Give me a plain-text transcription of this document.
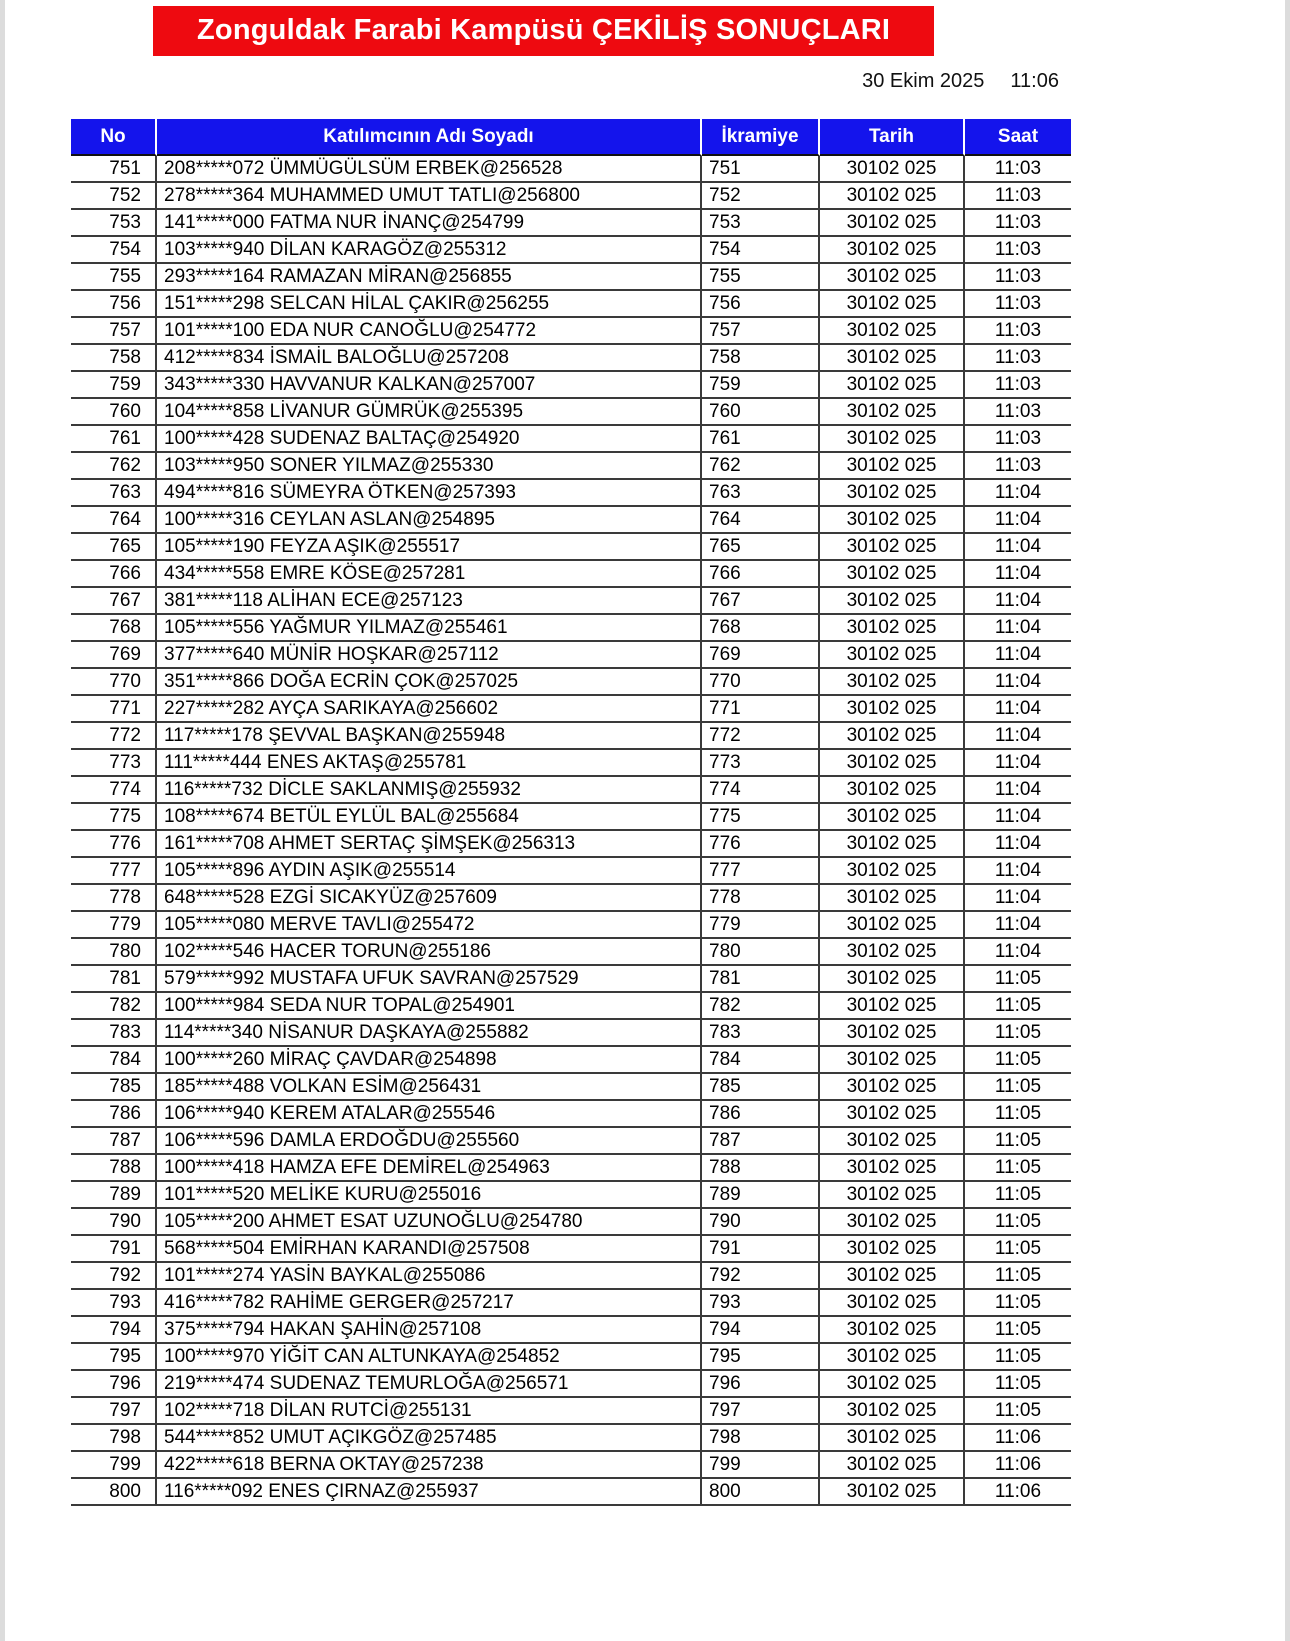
Zonguldak Farabi Kampüsü ÇEKİLİŞ SONUÇLARI
30 Ekim 2025 11:06
No	Katılımcının Adı Soyadı	İkramiye	Tarih	Saat
751	208*****072 ÜMMÜGÜLSÜM ERBEK@256528	751	30102 025	11:03
752	278*****364 MUHAMMED UMUT TATLI@256800	752	30102 025	11:03
753	141*****000 FATMA NUR İNANÇ@254799	753	30102 025	11:03
754	103*****940 DİLAN KARAGÖZ@255312	754	30102 025	11:03
755	293*****164 RAMAZAN MİRAN@256855	755	30102 025	11:03
756	151*****298 SELCAN HİLAL ÇAKIR@256255	756	30102 025	11:03
757	101*****100 EDA NUR CANOĞLU@254772	757	30102 025	11:03
758	412*****834 İSMAİL BALOĞLU@257208	758	30102 025	11:03
759	343*****330 HAVVANUR KALKAN@257007	759	30102 025	11:03
760	104*****858 LİVANUR GÜMRÜK@255395	760	30102 025	11:03
761	100*****428 SUDENAZ BALTAÇ@254920	761	30102 025	11:03
762	103*****950 SONER YILMAZ@255330	762	30102 025	11:03
763	494*****816 SÜMEYRA ÖTKEN@257393	763	30102 025	11:04
764	100*****316 CEYLAN ASLAN@254895	764	30102 025	11:04
765	105*****190 FEYZA AŞIK@255517	765	30102 025	11:04
766	434*****558 EMRE KÖSE@257281	766	30102 025	11:04
767	381*****118 ALİHAN ECE@257123	767	30102 025	11:04
768	105*****556 YAĞMUR YILMAZ@255461	768	30102 025	11:04
769	377*****640 MÜNİR HOŞKAR@257112	769	30102 025	11:04
770	351*****866 DOĞA ECRİN ÇOK@257025	770	30102 025	11:04
771	227*****282 AYÇA SARIKAYA@256602	771	30102 025	11:04
772	117*****178 ŞEVVAL BAŞKAN@255948	772	30102 025	11:04
773	111*****444 ENES AKTAŞ@255781	773	30102 025	11:04
774	116*****732 DİCLE SAKLANMIŞ@255932	774	30102 025	11:04
775	108*****674 BETÜL EYLÜL BAL@255684	775	30102 025	11:04
776	161*****708 AHMET SERTAÇ ŞİMŞEK@256313	776	30102 025	11:04
777	105*****896 AYDIN AŞIK@255514	777	30102 025	11:04
778	648*****528 EZGİ SICAKYÜZ@257609	778	30102 025	11:04
779	105*****080 MERVE TAVLI@255472	779	30102 025	11:04
780	102*****546 HACER TORUN@255186	780	30102 025	11:04
781	579*****992 MUSTAFA UFUK SAVRAN@257529	781	30102 025	11:05
782	100*****984 SEDA NUR TOPAL@254901	782	30102 025	11:05
783	114*****340 NİSANUR DAŞKAYA@255882	783	30102 025	11:05
784	100*****260 MİRAÇ ÇAVDAR@254898	784	30102 025	11:05
785	185*****488 VOLKAN ESİM@256431	785	30102 025	11:05
786	106*****940 KEREM ATALAR@255546	786	30102 025	11:05
787	106*****596 DAMLA ERDOĞDU@255560	787	30102 025	11:05
788	100*****418 HAMZA EFE DEMİREL@254963	788	30102 025	11:05
789	101*****520 MELİKE KURU@255016	789	30102 025	11:05
790	105*****200 AHMET ESAT UZUNOĞLU@254780	790	30102 025	11:05
791	568*****504 EMİRHAN KARANDI@257508	791	30102 025	11:05
792	101*****274 YASİN BAYKAL@255086	792	30102 025	11:05
793	416*****782 RAHİME GERGER@257217	793	30102 025	11:05
794	375*****794 HAKAN ŞAHİN@257108	794	30102 025	11:05
795	100*****970 YİĞİT CAN ALTUNKAYA@254852	795	30102 025	11:05
796	219*****474 SUDENAZ TEMURLOĞA@256571	796	30102 025	11:05
797	102*****718 DİLAN RUTCİ@255131	797	30102 025	11:05
798	544*****852 UMUT AÇIKGÖZ@257485	798	30102 025	11:06
799	422*****618 BERNA OKTAY@257238	799	30102 025	11:06
800	116*****092 ENES ÇIRNAZ@255937	800	30102 025	11:06
